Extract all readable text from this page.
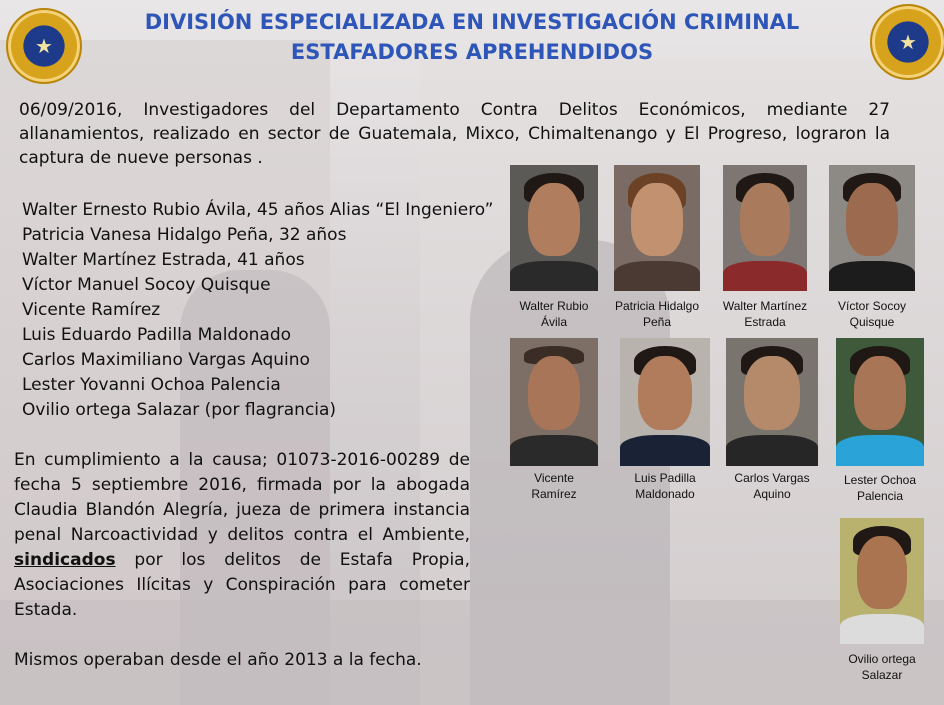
★	★
DIVISIÓN ESPECIALIZADA EN INVESTIGACIÓN CRIMINAL
ESTAFADORES APREHENDIDOS
06/09/2016, Investigadores del Departamento Contra Delitos Económicos, mediante 27 allanamientos, realizado en sector de Guatemala, Mixco, Chimaltenango y El Progreso, lograron la captura de nueve personas .
Walter Ernesto Rubio Ávila, 45 años Alias “El Ingeniero”
Patricia Vanesa Hidalgo Peña, 32 años
Walter Martínez Estrada, 41 años
Víctor Manuel Socoy Quisque
Vicente Ramírez
Luis Eduardo Padilla Maldonado
Carlos Maximiliano Vargas Aquino
Lester Yovanni Ochoa Palencia
Ovilio ortega Salazar (por flagrancia)
En cumplimiento a la causa; 01073-2016-00289 de fecha 5 septiembre 2016, firmada por la abogada Claudia Blandón Alegría, jueza de primera instancia penal Narcoactividad y delitos contra el Ambiente, sindicados por los delitos de Estafa Propia, Asociaciones Ilícitas y Conspiración para cometer Estada.
Mismos operaban desde el año 2013 a la fecha.
Walter Rubio
Ávila
Patricia Hidalgo
Peña
Walter Martínez
Estrada
Víctor Socoy
Quisque
Vicente
Ramírez
Luis Padilla
Maldonado
Carlos Vargas
Aquino
Lester Ochoa
Palencia
Ovilio ortega
Salazar
